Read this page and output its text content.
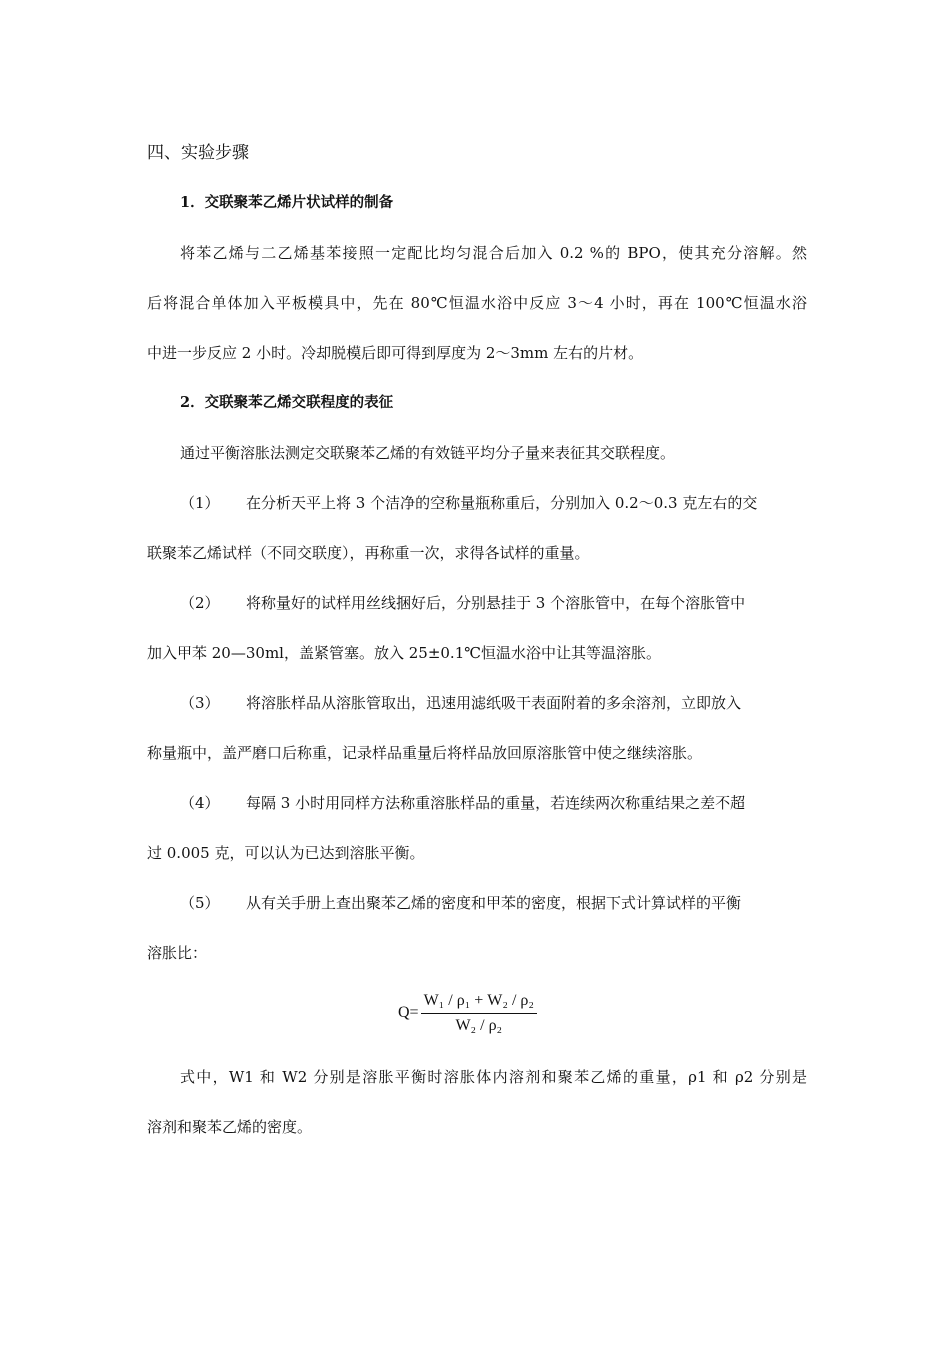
四、实验步骤
1．交联聚苯乙烯片状试样的制备
将苯乙烯与二乙烯基苯接照一定配比均匀混合后加入 0.2 %的 BPO，使其充分溶解。然
后将混合单体加入平板模具中，先在 80℃恒温水浴中反应 3～4 小时，再在 100℃恒温水浴
中进一步反应 2 小时。冷却脱模后即可得到厚度为 2～3mm 左右的片材。
2．交联聚苯乙烯交联程度的表征
通过平衡溶胀法测定交联聚苯乙烯的有效链平均分子量来表征其交联程度。
（1） 在分析天平上将 3 个洁净的空称量瓶称重后，分别加入 0.2～0.3 克左右的交
联聚苯乙烯试样（不同交联度），再称重一次，求得各试样的重量。
（2） 将称量好的试样用丝线捆好后，分别悬挂于 3 个溶胀管中，在每个溶胀管中
加入甲苯 20—30ml，盖紧管塞。放入 25±0.1℃恒温水浴中让其等温溶胀。
（3） 将溶胀样品从溶胀管取出，迅速用滤纸吸干表面附着的多余溶剂，立即放入
称量瓶中，盖严磨口后称重，记录样品重量后将样品放回原溶胀管中使之继续溶胀。
（4） 每隔 3 小时用同样方法称重溶胀样品的重量，若连续两次称重结果之差不超
过 0.005 克，可以认为已达到溶胀平衡。
（5） 从有关手册上查出聚苯乙烯的密度和甲苯的密度，根据下式计算试样的平衡
溶胀比：
$Q= \frac{\text{W₁ / ρ₁ + W₂ / ρ₂}}{\text{W₂ / ρ₂}}$
式中，W1 和 W2 分别是溶胀平衡时溶胀体内溶剂和聚苯乙烯的重量，ρ1 和 ρ2 分别是
溶剂和聚苯乙烯的密度。
